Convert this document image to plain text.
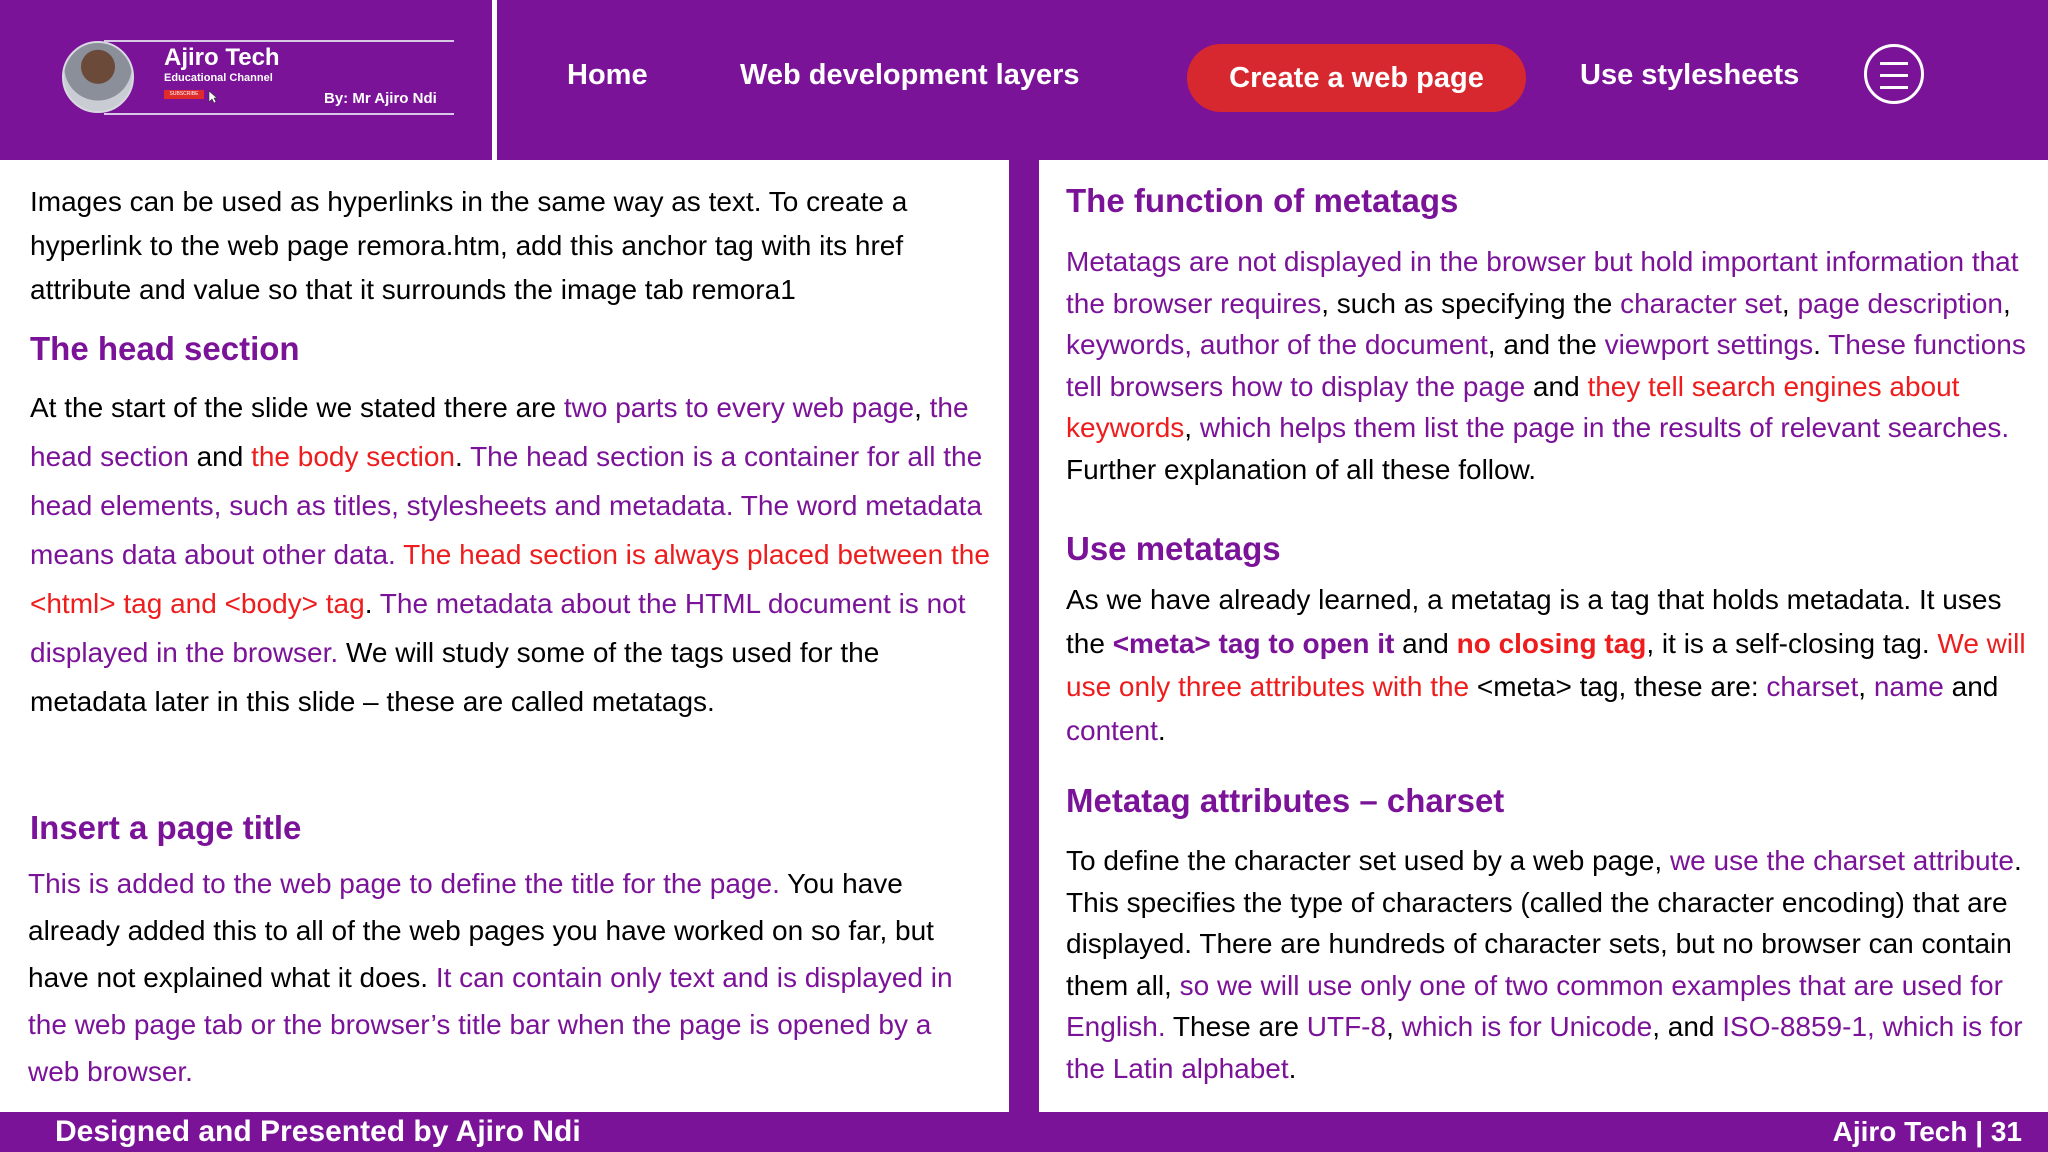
Ajiro Tech
Educational Channel
SUBSCRIBE	By: Mr Ajiro Ndi
Home	Web development layers	Create a web page	Use stylesheets
Images can be used as hyperlinks in the same way as text. To create a hyperlink to the web page remora.htm, add this anchor tag with its href attribute and value so that it surrounds the image tab remora1
The head section
At the start of the slide we stated there are two parts to every web page, the head section and the body section. The head section is a container for all the head elements, such as titles, stylesheets and metadata. The word metadata means data about other data. The head section is always placed between the <html> tag and <body> tag. The metadata about the HTML document is not displayed in the browser. We will study some of the tags used for the metadata later in this slide – these are called metatags.
Insert a page title
This is added to the web page to define the title for the page. You have already added this to all of the web pages you have worked on so far, but have not explained what it does. It can contain only text and is displayed in the web page tab or the browser’s title bar when the page is opened by a web browser.
The function of metatags
Metatags are not displayed in the browser but hold important information that the browser requires, such as specifying the character set, page description, keywords, author of the document, and the viewport settings. These functions tell browsers how to display the page and they tell search engines about keywords, which helps them list the page in the results of relevant searches. Further explanation of all these follow.
Use metatags
As we have already learned, a metatag is a tag that holds metadata. It uses the <meta> tag to open it and no closing tag, it is a self-closing tag. We will use only three attributes with the <meta> tag, these are: charset, name and content.
Metatag attributes – charset
To define the character set used by a web page, we use the charset attribute. This specifies the type of characters (called the character encoding) that are displayed. There are hundreds of character sets, but no browser can contain them all, so we will use only one of two common examples that are used for English. These are UTF-8, which is for Unicode, and ISO-8859-1, which is for the Latin alphabet.
Designed and Presented by Ajiro Ndi	Ajiro Tech | 31
